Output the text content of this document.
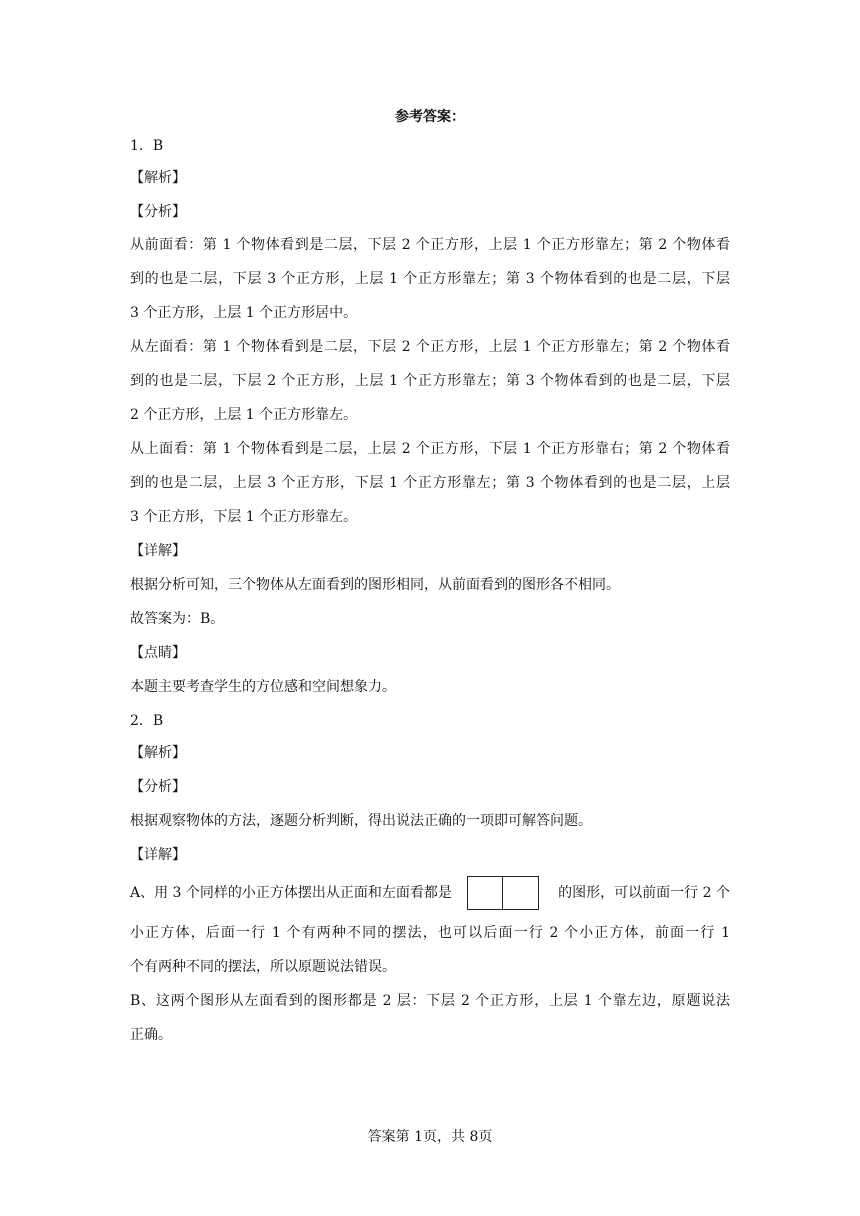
参考答案：
1．B
【解析】
【分析】
从前面看：第 1 个物体看到是二层，下层 2 个正方形，上层 1 个正方形靠左；第 2 个物体看
到的也是二层，下层 3 个正方形，上层 1 个正方形靠左；第 3 个物体看到的也是二层，下层
3 个正方形，上层 1 个正方形居中。
从左面看：第 1 个物体看到是二层，下层 2 个正方形，上层 1 个正方形靠左；第 2 个物体看
到的也是二层，下层 2 个正方形，上层 1 个正方形靠左；第 3 个物体看到的也是二层，下层
2 个正方形，上层 1 个正方形靠左。
从上面看：第 1 个物体看到是二层，上层 2 个正方形，下层 1 个正方形靠右；第 2 个物体看
到的也是二层，上层 3 个正方形，下层 1 个正方形靠左；第 3 个物体看到的也是二层，上层
3 个正方形，下层 1 个正方形靠左。
【详解】
根据分析可知，三个物体从左面看到的图形相同，从前面看到的图形各不相同。
故答案为：B。
【点睛】
本题主要考查学生的方位感和空间想象力。
2．B
【解析】
【分析】
根据观察物体的方法，逐题分析判断，得出说法正确的一项即可解答问题。
【详解】
A、用 3 个同样的小正方体摆出从正面和左面看都是	的图形，可以前面一行 2 个
小正方体，后面一行 1 个有两种不同的摆法，也可以后面一行 2 个小正方体，前面一行 1
个有两种不同的摆法，所以原题说法错误。
B、这两个图形从左面看到的图形都是 2 层：下层 2 个正方形，上层 1 个靠左边，原题说法
正确。
答案第 1页，共 8页
